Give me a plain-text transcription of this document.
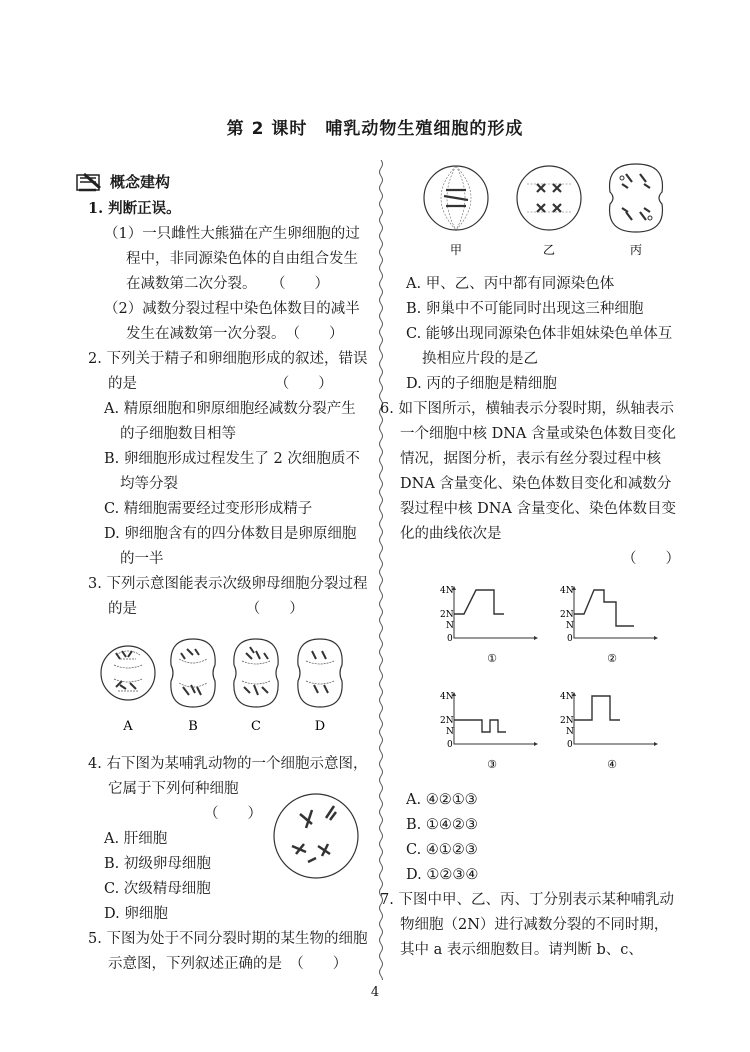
第 2 课时　哺乳动物生殖细胞的形成
概念建构

1. 判断正误。

（1）一只雌性大熊猫在产生卵细胞的过程中，非同源染色体的自由组合发生在减数第二次分裂。　　（　　）

（2）减数分裂过程中染色体数目的减半发生在减数第一次分裂。　（　　）

2. 下列关于精子和卵细胞形成的叙述，错误的是　　　　　　　　　　（　　）

A. 精原细胞和卵原细胞经减数分裂产生的子细胞数目相等

B. 卵细胞形成过程发生了 2 次细胞质不均等分裂

C. 精细胞需要经过变形形成精子

D. 卵细胞含有的四分体数目是卵原细胞的一半

3. 下列示意图能表示次级卵母细胞分裂过程的是　　　　　　　　（　　）

A	B	C	D

4. 右下图为某哺乳动物的一个细胞示意图，它属于下列何种细胞

（　　）

A. 肝细胞

B. 初级卵母细胞

C. 次级精母细胞

D. 卵细胞

5. 下图为处于不同分裂时期的某生物的细胞示意图，下列叙述正确的是　（　　）

甲	乙	丙

A. 甲、乙、丙中都有同源染色体

B. 卵巢中不可能同时出现这三种细胞

C. 能够出现同源染色体非姐妹染色单体互换相应片段的是乙

D. 丙的子细胞是精细胞

6. 如下图所示，横轴表示分裂时期，纵轴表示一个细胞中核 DNA 含量或染色体数目变化情况，据图分析，表示有丝分裂过程中核 DNA 含量变化、染色体数目变化和减数分裂过程中核 DNA 含量变化、染色体数目变化的曲线依次是

（　　）

4N
2N
N
0
①
4N
2N
N
0
②
4N
2N
N
0
③
4N
2N
N
0
④

A. ④②①③

B. ①④②③

C. ④①②③

D. ①②③④

7. 下图中甲、乙、丙、丁分别表示某种哺乳动物细胞（2N）进行减数分裂的不同时期，其中 a 表示细胞数目。请判断 b、c、

4
